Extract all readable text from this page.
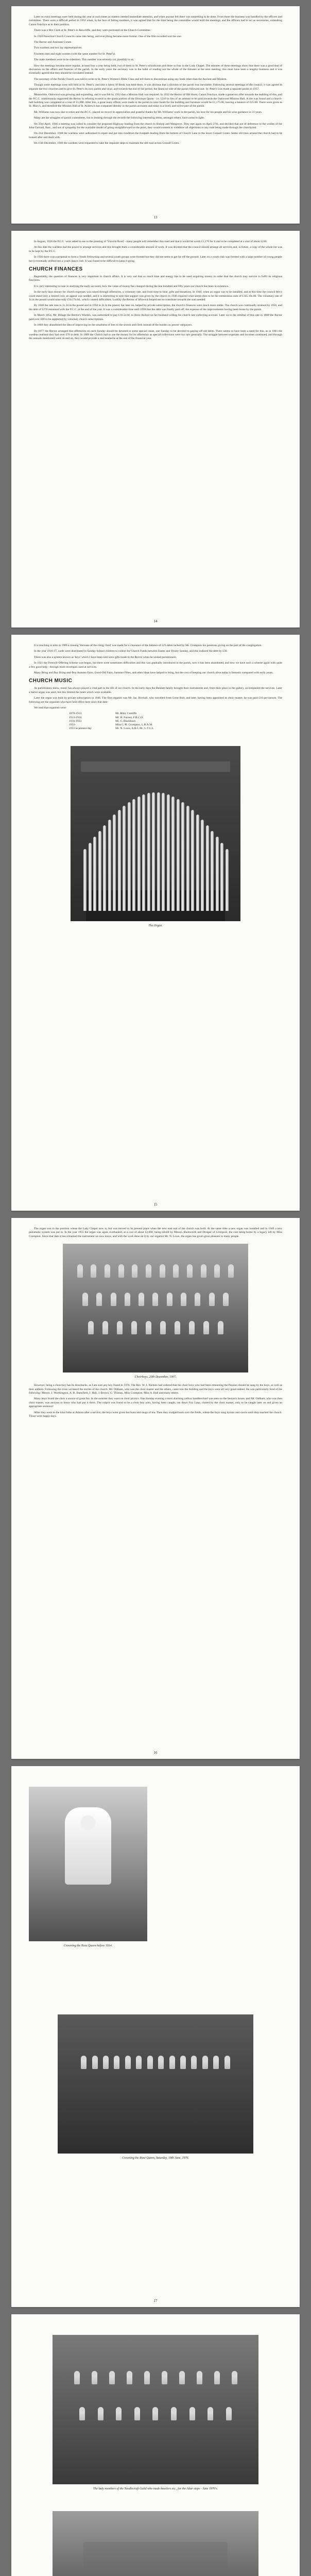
Later on extra meetings were held during the year at such times as matters needed immediate attention, and when anyone felt there was something to be done. From there the business was handled by the officers and committee. There were a difficult period in 1952 when, in the face of falling numbers, it was agreed that for the time being the committee would hold the meetings, and the officers had to act as secretaries, consulting Canon Fenchyn as to their position.

There was a Mrs Clark at St. Peter's in Rawcliffe, and they were promoted on the Church Committee.

In 1920 Parochial Church Councils came into being, and everything became more formal. One of the first recorded was the one:

The Rector and Assistant Curate.

Two wardens and two lay representatives.

Fourteen men and eight women (with the same number for St. Peter's).

The male members were to be sidesmen. This number was severely cut, possibly to us.

How the meetings became more regular, at least four a year being held, two of them in St. Peter's schoolroom and three or four in the Lady Chapel. The minutes of these meetings show that there was a good deal of discussion on the affairs and finances of the parish. In the early years the secretary was in the habit of reading out the whole of the minutes at the next meeting; this must have been a lengthy business and it was eventually agreed that they should be circulated instead.

The secretary of the Parish Church was told to write to St. Peter's Women's Bible Class and tell them to discontinue using any book other than the Ancient and Modern.

Though some meetings were still held at St. Peter's, and also a fabric of Book was held there, it was obvious that a division of the parish was inevitable. Following several meetings of the council, it was agreed to separate the two churches and to give St. Peter's its own parish and vicar, and towards the end of the period, the financial side of the parish followed suit. St. Peter's was made a separate parish in 1937.

Meanwhile, Oakwood was growing and expanding, and it was felt by 1932 that a Mission Hall was required. In 1932 the Rector of Old Hurst, Canon Fenchyn, made a generous offer towards the building of this, and the P.C.C. unanimously supported the Rector in refusing to send in the quota portion of the Diocesan Quota - i.e. £210 in lieu of an amount to be paid towards the Oakwood Mission Hall. A site was found and a church-hall building was completed at a cost of £1,200. After this, a great many efforts were made in the parish to raise funds for the building and furniture would be £1,175.00, leaving a balance of £25.00. There were given to St. Mary's, and therefore the Mission Hall at St. Andrew's has a separate identity in the parish accounts and today is a lively and active part of the parish.

Mr. Williams was now due to retire and the P.C.C. placed on record its appreciation and grateful thanks for Mr. Williams' work in the parish, his love for his people and his wise guidance in 31 years.

Many are the struggles of parish committees, but in looking through the records the following interesting items, amongst others, have come to light.

On 23rd April, 1946 a meeting was called to consider the proposed Highway leading from the church to Bishop and Wengrove. They met again on April 27th, and decided that out of deference to the wishes of the John Gerrard, Bart., and out of sympathy for the available model of going straightforward to the point, they would consent to withdraw all objections to any road being made through the churchyard.

On 21st December, 1948 the wardens were authorised to repair and put into condition the footpath leading from the bottom of Church Lane to the lower Gossall Green. Some old trees around the church had to be looked after and dealt with.

On 15th December, 1949 the wardens were requested to take the requisite steps to maintain the old road across Gossall Green.

13

In August, 1936 the P.C.C. were asked to see to the planting of 'Victoria Road' - many people will remember this road and that it would be worth £1,270 for it and to be completed at a cost of about £240.

At this date the wardens had the power to arrange services and this brought them a considerable amount of work. It was decided that the council should arrange all services and, in future, a copy of the whole list was to be kept by the P.C.C.

In 1936 there was a proposal to form a Youth Fellowship and several youth groups were formed but they did not seem to get far off the ground. Later on a youth club was formed with a large number of young people but it eventually drifted into a youth dance club. It was found to be difficult to keep it going.

CHURCH FINANCES

Regrettably, the question of finances is very important in church affairs. It is very sad that so much time and energy has to be used acquiring money in order that the church may survive to fulfil its religious functions.

It is very interesting to note in studying the early accounts, how the value of money has changed during the one hundred and fifty years our church has been in existence.

In the early days money for church expenses was raised through offertories, a voluntary rate, and from time to time, gifts and donations. In 1940, when an organ was to be installed, and at this time the council felt it could stand only a limited cost, an appeal was needed, and it is interesting to note that support was given by the church in 1946 required what seems then to be the tremendous sum of £145.10s.0d. The voluntary rate of 1s in the pound would raise only £50.17s.6d., which created difficulties. Luckily the Rector of Winwick helped out to contribute towards the sum needed.

By 1948 the rate rose to 1s 2d in the pound and in 1950 to 2s in the pound, but later on, helped by private subscription, the church's finances were much more stable. The church was continually strained by 1956, and the debt of £270 remained with the P.C.C. at the end of the year. It was a considerable time until 1958 that the debt was finally paid off, the expense of the improvements having been borne by the parish.

In March 1854, Mr. Billage the Rector's Warden, was authorised to pay £10.5s.0d. to Alice Awhoil on her husband willing his church rate collecting account. Later on in the remittal of this rate in 1868 the Rector paid over £80 to be supported by voluntary church subscriptions.

In 1868 they abandoned the idea of improving on the smallness of fees to the sexton and clerk instead of the burden on poorer ratepayers.

By 1877 the Rector arranged that offertories on each Sunday should be devoted to some special cause, one Sunday to be devoted to paying off old debts. There seems to have been a need for this, as in 1881 the wardens realised they had over £70 in debt. In 1889 the Church had to use the money for its offertories as special collections were too rare generally. The struggle between expenses and incomes continued, and through the annuals mentioned went on and on, they would provide a real headache at the end of the financial year.

14

It is touching to note in 1909 a rousing 'Increase of the clergy fund' was made for a clearance of the balance of £25 debts lacked by Mr. Crompton his generous giving on the part of the congregation.

In the year 1916-17, cards were distributed in Sunday School children to collect for Church Funds between Easter and Trinity Sunday, and this induced the debt by £30.

There was also a system known as 'keys' which I have been told were gifts made to the Rector when he visited parishioners.

In 1921 the Freewill Offering Scheme was begun, but there were sometimes difficulties and this was gradually introduced in the parish, now it has been abandoned, and now we have such a scheme again with quite a few good help - through more envelopes used at services.

Many Bring and Buy Bring-and-Buy Autumn Fairs, Good-Old Fairs, Summer Fêtes, and other ideas have helped to bring, but the cost of keeping our church alive today is fantastic compared with early years.

CHURCH MUSIC

As parishioners know, music has always played a vital part in the life of our church. In the early days the Bennett family brought their instruments and, from their place in the gallery, accompanied the services. Later a barrel organ was used, but this limited the tunes which were available.

Later the organ was built by private subscription in 1846. The first organist was Mr. Jas. Birchall, who travelled from Great Bolt, and later, having been appointed as choir master, he was paid £10 per annum. The following are the organists who have held office here since that date:

We read that organists were:

1870-1913	Mr. Riley Cunliffe
1913-1916	Mr. H. Forrest, F.R.C.O.
1916-1933	Mr. C. Blackburn
1933-	Miss C. R. Crompton, L.R.A.M.
1933 to present day	Mr. N. Lowe, A.R.C.M., L.T.C.L.
The Organ.
15

The organ was in the position where the Lady Chapel now is, but was moved to its present place when the new east end of the church was built. At the same time a new organ was installed and in 1949 a new pneumatic system was put in. In the year 1955 the organ was again overhauled, at a cost of about £2,000, being rebuilt by Messrs. Rushworth and Dreaper of Liverpool, the cost being borne by a legacy left by Miss Crompton. Since that date it has remained the instrument we now know, and with the work done on it by our organist Mr. N. Lowe, the organ has given great pleasure to many people.

Choirboys, 20th December, 1907.

However, being a choir-boy has its drawbacks, as I am sure any boy found in 1970. The Rev. W. J. Nichols had ordered that the choir boys who had been rehearsing the Passion should be sung by the boys, as well as their anthem. Following the cross we heard the stories of the church. Mr. Oldham, who was the choir master and the others, came into the building and the boys were all very good indeed. He was particularly fond of the following: Messrs. J. Worthington, A. R. Stansfield, J. Hall, J. Brown, G. Thomas, Miss Crompton, Miss A. Hall and many others.

Many boys found the choir a source of great fun. In the summer they went on choir picnics. One Sunday evening a most alarming yellow handkerchief was seen on the Sexton's house, and Mr. Oldham, who was then choir master, was anxious to know who had put it there. The culprit was found to be a choir boy who, having been caught, ran down Fox Lane, chased by the choir master, only to be caught later on and given an appropriate sentence!

After they went to the kind folks at Ashton after a service, the boys were given hot buns and mugs of tea. Then they trudged back over the fields, where the boys sang hymns and carols until they reached the church. Those were happy days.

16
Crowning the Rose Queen before 1914.
Crowning the Rose Queen, Saturday, 19th June, 1976.
17
The lady members of the Needlecraft Guild who made kneelers etc., for the Altar steps - June 1970's.
